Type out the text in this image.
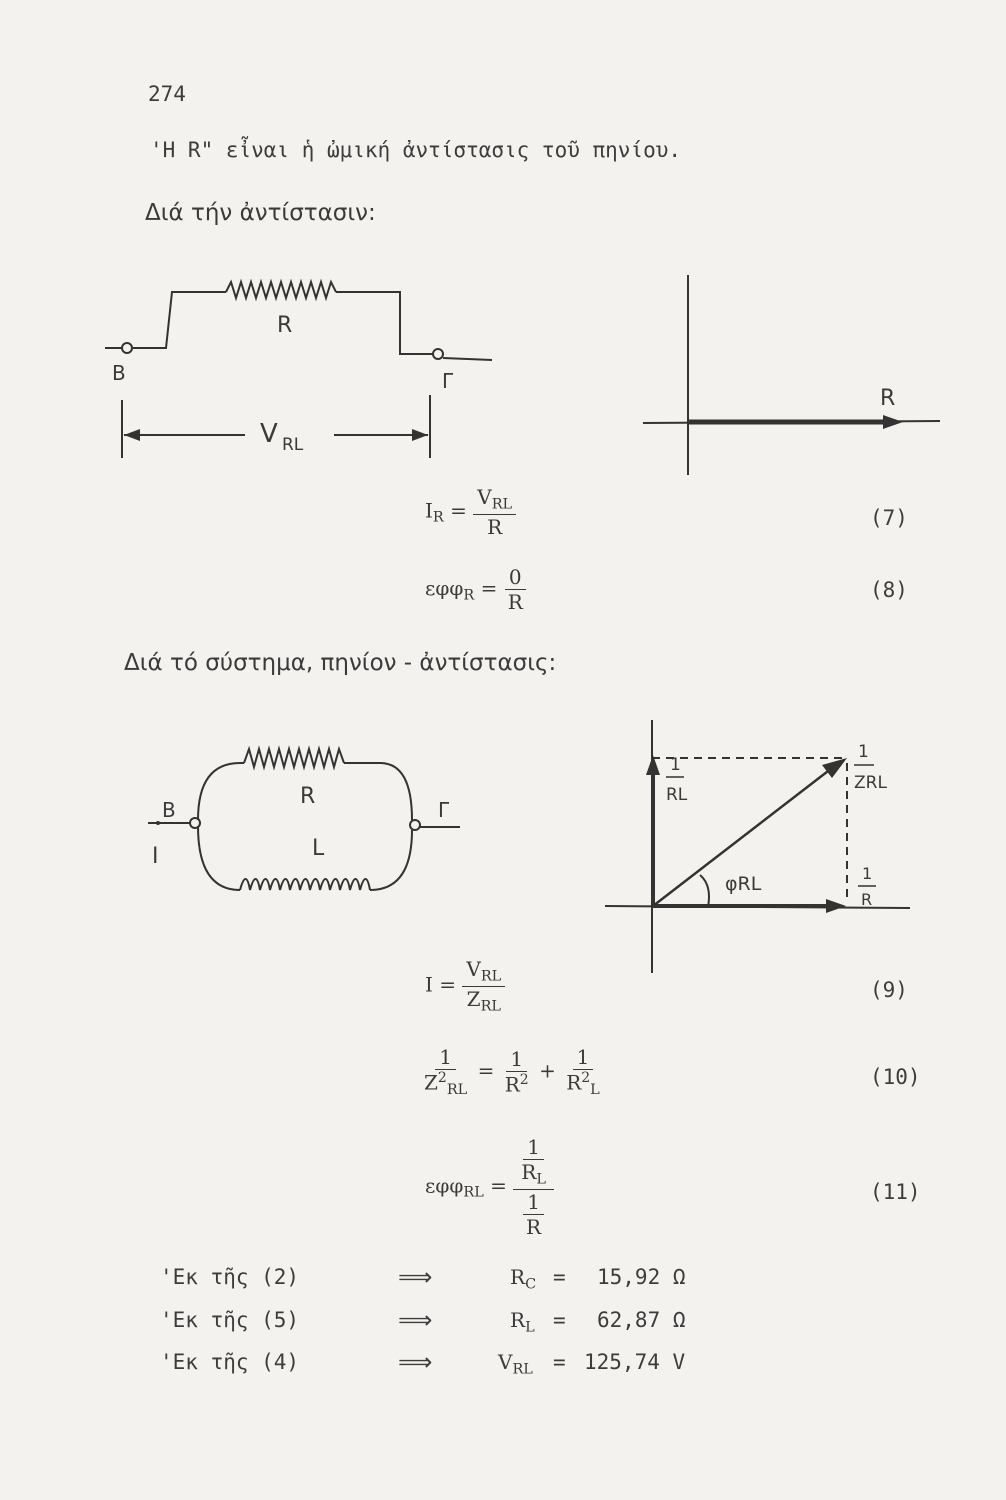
274
'Η R" εἶναι ἡ ὠμική ἀντίστασις τοῦ πηνίου.
Διά τήν ἀντίστασιν:
B	Γ
R
V RL
R
$I_R = \frac{V_{RL}}{R}$	(7)
$\varepsilon\varphi\varphi_R = \frac{0}{R}$	(8)
Διά τό σύστημα, πηνίον - ἀντίστασις:
B	Γ
I
R
L
1
RL
1
ZRL
1
R
φRL
$I = \frac{V_{RL}}{Z_{RL}}$	(9)
$\frac{1}{Z^2_{RL}} = \frac{1}{R^2} + \frac{1}{R^2_L}$	(10)
$\varepsilon\varphi\varphi_{RL} = \frac{\frac{1}{R_L}}{\frac{1}{R}}$	(11)
'Εκ τῆς (2)	⟹	$R_C = 15,92$ Ω
'Εκ τῆς (5)	⟹	$R_L = 62,87$ Ω
'Εκ τῆς (4)	⟹	$V_{RL} = 125,74$ V
